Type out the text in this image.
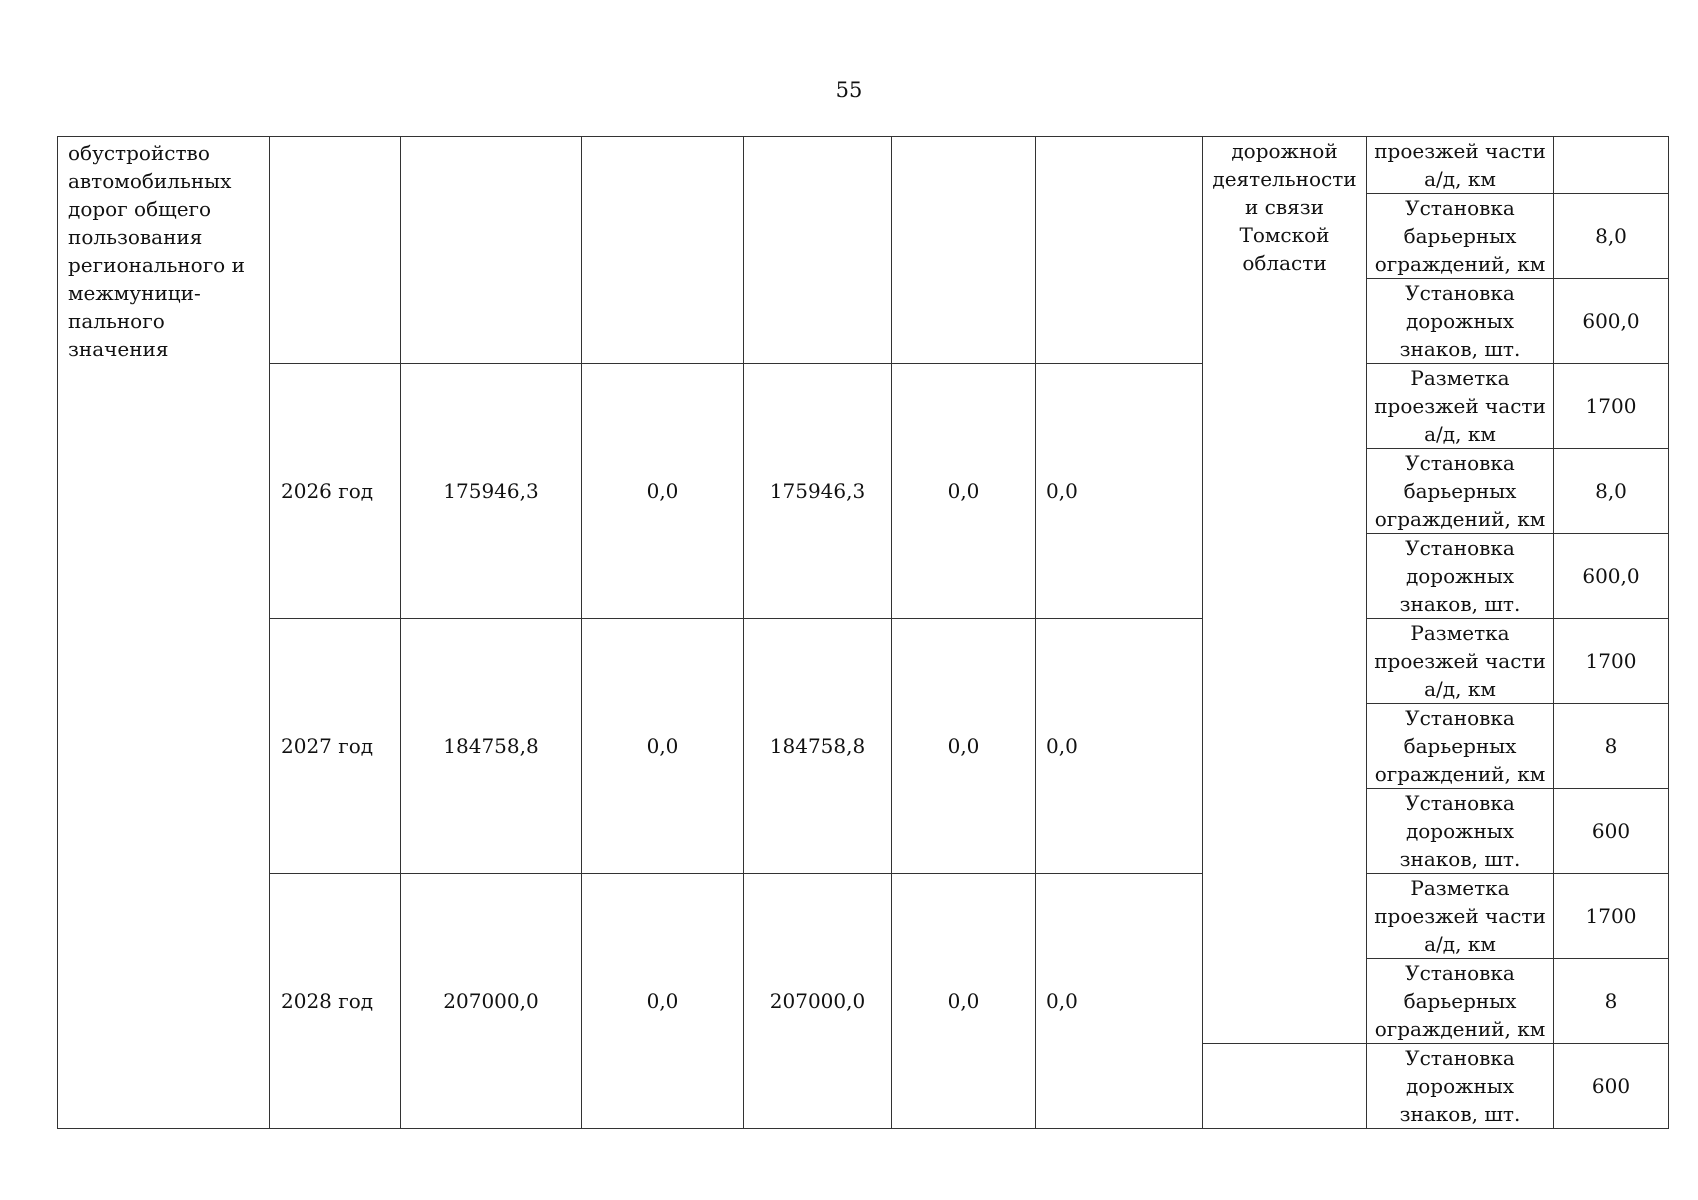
55
обустройство автомобильных дорог общего пользования регионального и межмуници-пального значения							дорожной деятельности и связи Томской области	проезжей части а/д, км	
								Установка барьерных ограждений, км	8,0
								Установка дорожных знаков, шт.	600,0
	2026 год	175946,3	0,0	175946,3	0,0	0,0		Разметка проезжей части а/д, км	1700
								Установка барьерных ограждений, км	8,0
								Установка дорожных знаков, шт.	600,0
	2027 год	184758,8	0,0	184758,8	0,0	0,0		Разметка проезжей части а/д, км	1700
								Установка барьерных ограждений, км	8
								Установка дорожных знаков, шт.	600
	2028 год	207000,0	0,0	207000,0	0,0	0,0		Разметка проезжей части а/д, км	1700
								Установка барьерных ограждений, км	8
								Установка дорожных знаков, шт.	600
